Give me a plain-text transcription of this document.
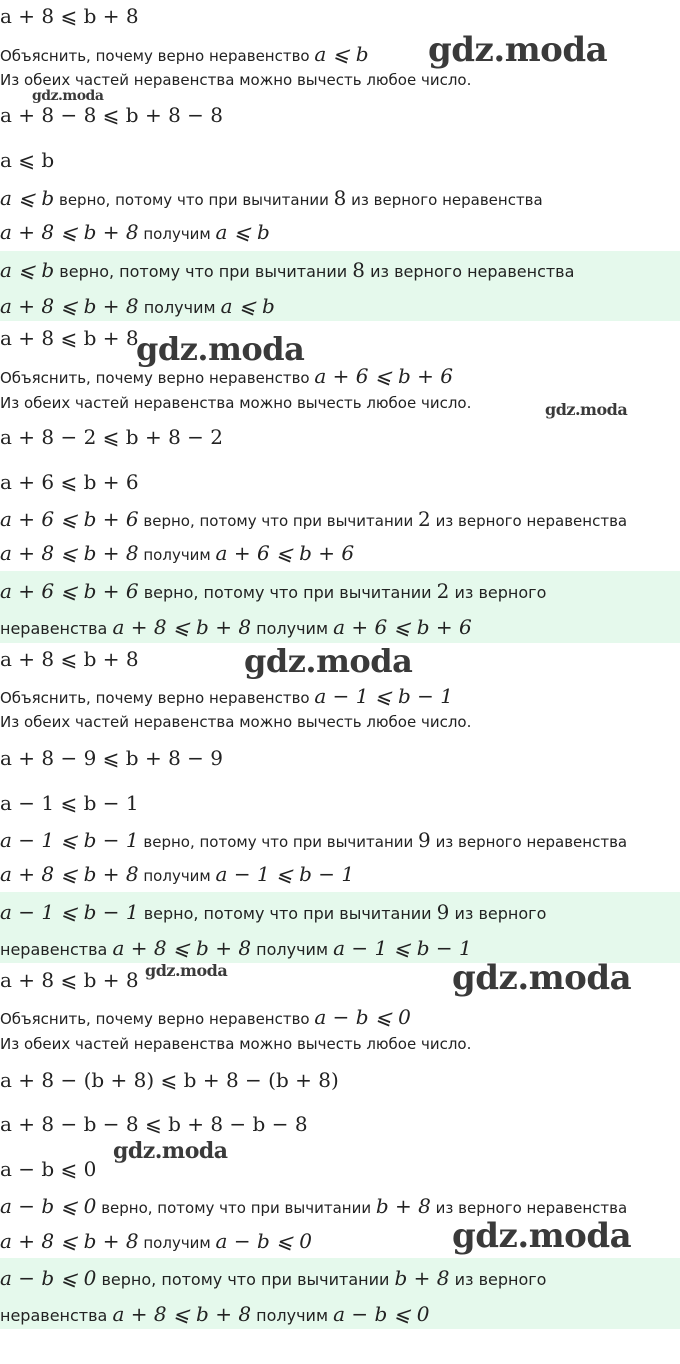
a + 8 ⩽ b + 8
Объяснить, почему верно неравенство a ⩽ b
Из обеих частей неравенства можно вычесть любое число.
a + 8 − 8 ⩽ b + 8 − 8
a ⩽ b
a ⩽ b верно, потому что при вычитании 8 из верного неравенства
a + 8 ⩽ b + 8 получим a ⩽ b
a ⩽ b верно, потому что при вычитании 8 из верного неравенства
a + 8 ⩽ b + 8 получим a ⩽ b
a + 8 ⩽ b + 8
Объяснить, почему верно неравенство a + 6 ⩽ b + 6
Из обеих частей неравенства можно вычесть любое число.
a + 8 − 2 ⩽ b + 8 − 2
a + 6 ⩽ b + 6
a + 6 ⩽ b + 6 верно, потому что при вычитании 2 из верного неравенства
a + 8 ⩽ b + 8 получим a + 6 ⩽ b + 6
a + 6 ⩽ b + 6 верно, потому что при вычитании 2 из верного
неравенства a + 8 ⩽ b + 8 получим a + 6 ⩽ b + 6
a + 8 ⩽ b + 8
Объяснить, почему верно неравенство a − 1 ⩽ b − 1
Из обеих частей неравенства можно вычесть любое число.
a + 8 − 9 ⩽ b + 8 − 9
a − 1 ⩽ b − 1
a − 1 ⩽ b − 1 верно, потому что при вычитании 9 из верного неравенства
a + 8 ⩽ b + 8 получим a − 1 ⩽ b − 1
a − 1 ⩽ b − 1 верно, потому что при вычитании 9 из верного
неравенства a + 8 ⩽ b + 8 получим a − 1 ⩽ b − 1
a + 8 ⩽ b + 8
Объяснить, почему верно неравенство a − b ⩽ 0
Из обеих частей неравенства можно вычесть любое число.
a + 8 − (b + 8) ⩽ b + 8 − (b + 8)
a + 8 − b − 8 ⩽ b + 8 − b − 8
a − b ⩽ 0
a − b ⩽ 0 верно, потому что при вычитании b + 8 из верного неравенства
a + 8 ⩽ b + 8 получим a − b ⩽ 0
a − b ⩽ 0 верно, потому что при вычитании b + 8 из верного
неравенства a + 8 ⩽ b + 8 получим a − b ⩽ 0
gdz.moda
gdz.moda
gdz.moda
gdz.moda
gdz.moda
gdz.moda	gdz.moda
gdz.moda
gdz.moda
